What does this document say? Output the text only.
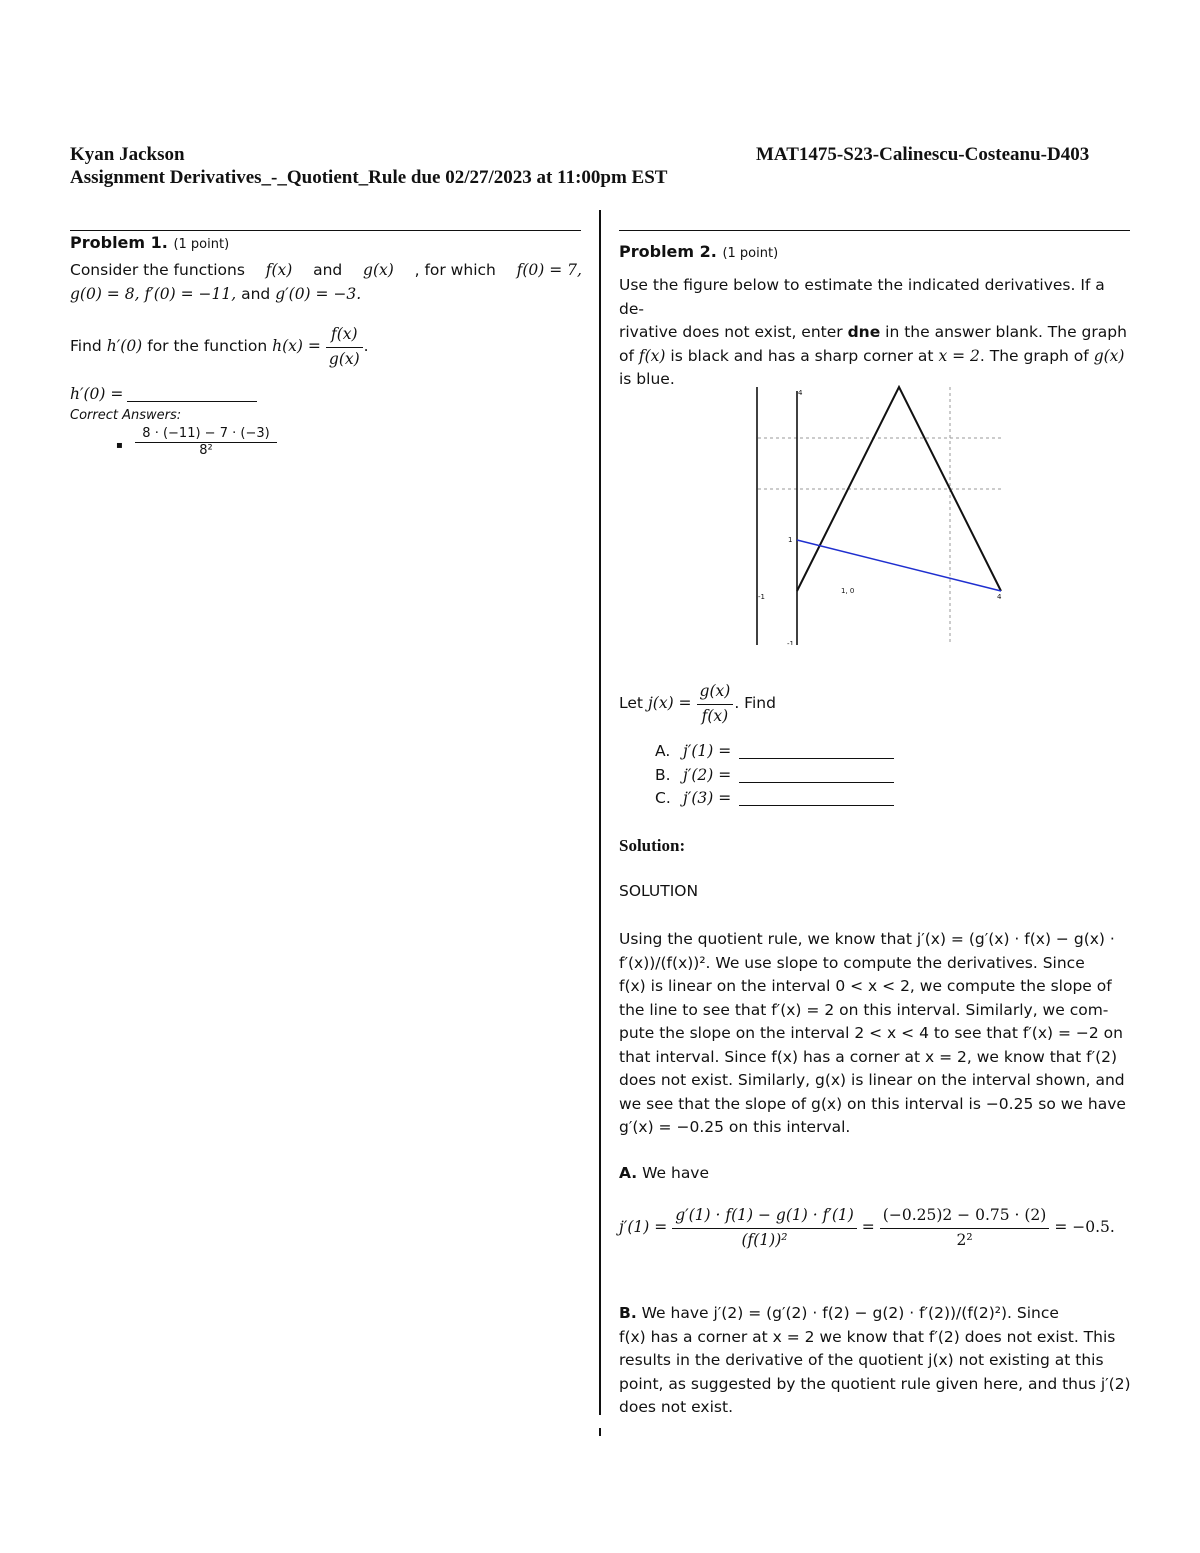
Kyan Jackson	MAT1475-S23-Calinescu-Costeanu-D403
Assignment Derivatives_-_Quotient_Rule due 02/27/2023 at 11:00pm EST
Problem 1. (1 point)
Consider the functions f(x) and g(x) , for which f(0) = 7,
g(0) = 8, f′(0) = −11, and g′(0) = −3.
Find h′(0) for the function $h(x) = \frac{f(x)}{g(x)}$ .
h′(0) =
Correct Answers:
▪ $\frac{8 \cdot (-11) - 7 \cdot (-3)}{\text{8²}}$
Problem 2. (1 point)
Use the figure below to estimate the indicated derivatives. If a de-
rivative does not exist, enter dne in the answer blank. The graph
of f(x) is black and has a sharp corner at x = 2. The graph of g(x)
is blue.
4
1
-1
-1	4
1, 0
Let $j(x) = \frac{g(x)}{f(x)}$ . Find
A. j′(1) =
B. j′(2) =
C. j′(3) =
Solution:
SOLUTION
Using the quotient rule, we know that j′(x) = (g′(x) · f(x) − g(x) ·
f′(x))/(f(x))². We use slope to compute the derivatives. Since
f(x) is linear on the interval 0 < x < 2, we compute the slope of
the line to see that f′(x) = 2 on this interval. Similarly, we com-
pute the slope on the interval 2 < x < 4 to see that f′(x) = −2 on
that interval. Since f(x) has a corner at x = 2, we know that f′(2)
does not exist. Similarly, g(x) is linear on the interval shown, and
we see that the slope of g(x) on this interval is −0.25 so we have
g′(x) = −0.25 on this interval.
A. We have
$j'(1) = \frac{g'(1) \cdot f(1) - g(1) \cdot f'(1)}{\text{(f(1))²}} = \frac{(-0.25)2 - 0.75 \cdot (2)}{\text{2²}} = -0.5$.
B. We have j′(2) = (g′(2) · f(2) − g(2) · f′(2))/(f(2)²). Since
f(x) has a corner at x = 2 we know that f′(2) does not exist. This
results in the derivative of the quotient j(x) not existing at this
point, as suggested by the quotient rule given here, and thus j′(2)
does not exist.
